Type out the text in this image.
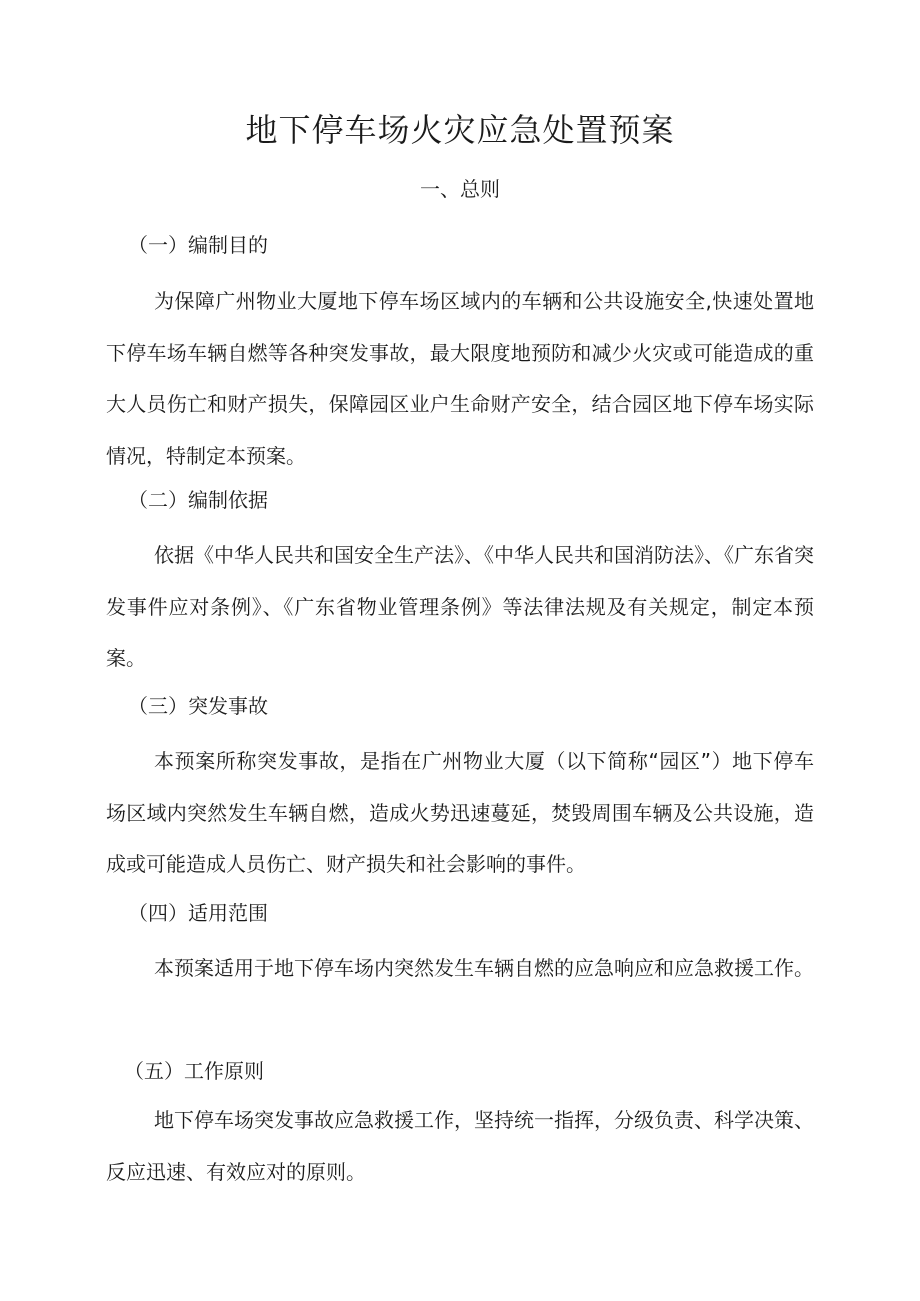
地下停车场火灾应急处置预案
一、总则
（一）编制目的

为保障广州物业大厦地下停车场区域内的车辆和公共设施安全,快速处置地下停车场车辆自燃等各种突发事故，最大限度地预防和减少火灾或可能造成的重大人员伤亡和财产损失，保障园区业户生命财产安全，结合园区地下停车场实际情况，特制定本预案。

（二）编制依据

依据《中华人民共和国安全生产法》、《中华人民共和国消防法》、《广东省突发事件应对条例》、《广东省物业管理条例》等法律法规及有关规定，制定本预案。

（三）突发事故

本预案所称突发事故，是指在广州物业大厦（以下简称“园区”）地下停车场区域内突然发生车辆自燃，造成火势迅速蔓延，焚毁周围车辆及公共设施，造成或可能造成人员伤亡、财产损失和社会影响的事件。

（四）适用范围

本预案适用于地下停车场内突然发生车辆自燃的应急响应和应急救援工作。

（五）工作原则

地下停车场突发事故应急救援工作，坚持统一指挥，分级负责、科学决策、反应迅速、有效应对的原则。
